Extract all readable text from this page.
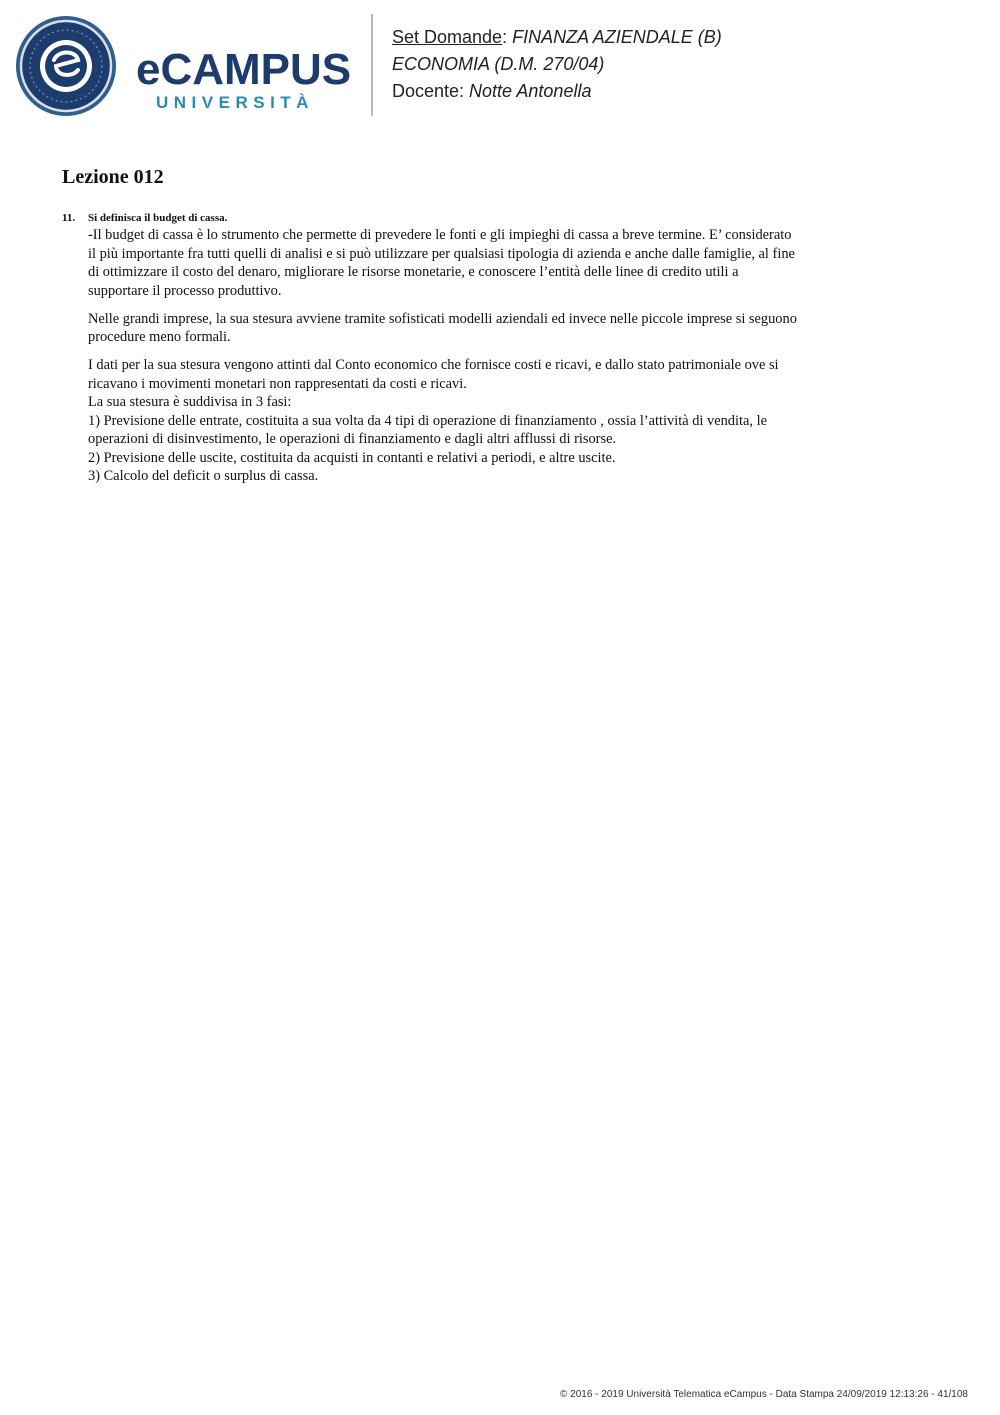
eCAMPUS
UNIVERSITÀ
Set Domande: FINANZA AZIENDALE (B)
ECONOMIA (D.M. 270/04)
Docente: Notte Antonella
Lezione 012
11. Si definisca il budget di cassa.

-Il budget di cassa è lo strumento che permette di prevedere le fonti e gli impieghi di cassa a breve termine. E’ considerato il più importante fra tutti quelli di analisi e si può utilizzare per qualsiasi tipologia di azienda e anche dalle famiglie, al fine di ottimizzare il costo del denaro, migliorare le risorse monetarie, e conoscere l’entità delle linee di credito utili a supportare il processo produttivo.

Nelle grandi imprese, la sua stesura avviene tramite sofisticati modelli aziendali ed invece nelle piccole imprese si seguono procedure meno formali.

I dati per la sua stesura vengono attinti dal Conto economico che fornisce costi e ricavi, e dallo stato patrimoniale ove si ricavano i movimenti monetari non rappresentati da costi e ricavi.

La sua stesura è suddivisa in 3 fasi:

1) Previsione delle entrate, costituita a sua volta da 4 tipi di operazione di finanziamento , ossia l’attività di vendita, le operazioni di disinvestimento, le operazioni di finanziamento e dagli altri afflussi di risorse.

2) Previsione delle uscite, costituita da acquisti in contanti e relativi a periodi, e altre uscite.

3) Calcolo del deficit o surplus di cassa.

© 2016 - 2019 Università Telematica eCampus - Data Stampa 24/09/2019 12:13:26 - 41/108
